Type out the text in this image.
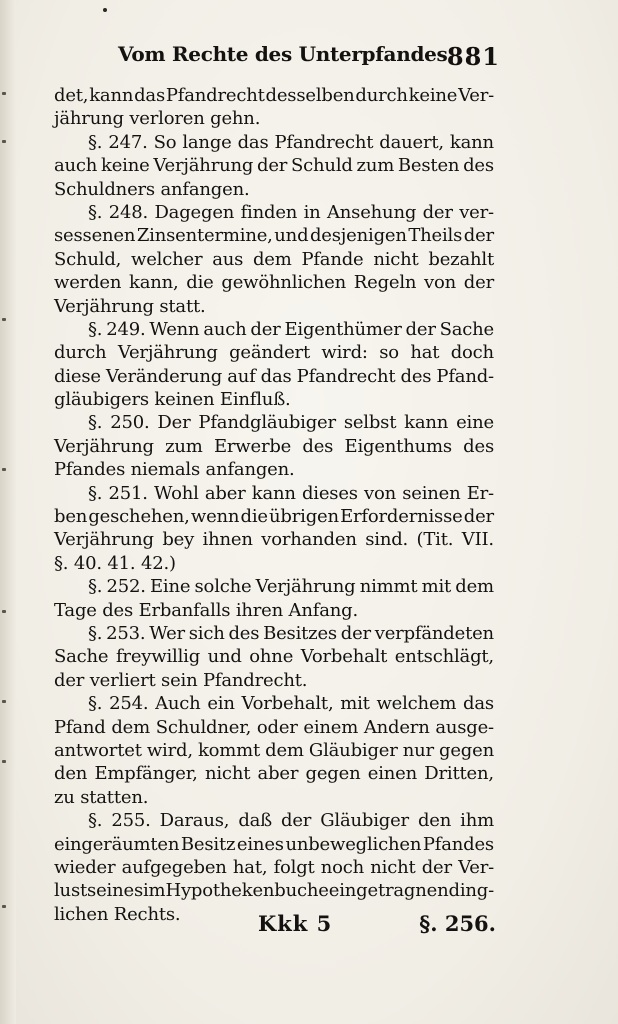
Vom Rechte des Unterpfandes.
881
det, kann das Pfandrecht desselben durch keine Ver-
jährung verloren gehn.
§. 247. So lange das Pfandrecht dauert, kann
auch keine Verjährung der Schuld zum Besten des
Schuldners anfangen.
§. 248. Dagegen finden in Ansehung der ver-
sessenen Zinsentermine, und desjenigen Theils der
Schuld, welcher aus dem Pfande nicht bezahlt
werden kann, die gewöhnlichen Regeln von der
Verjährung statt.
§. 249. Wenn auch der Eigenthümer der Sache
durch Verjährung geändert wird: so hat doch
diese Veränderung auf das Pfandrecht des Pfand-
gläubigers keinen Einfluß.
§. 250. Der Pfandgläubiger selbst kann eine
Verjährung zum Erwerbe des Eigenthums des
Pfandes niemals anfangen.
§. 251. Wohl aber kann dieses von seinen Er-
ben geschehen, wenn die übrigen Erfordernisse der
Verjährung bey ihnen vorhanden sind. (Tit. VII.
§. 40. 41. 42.)
§. 252. Eine solche Verjährung nimmt mit dem
Tage des Erbanfalls ihren Anfang.
§. 253. Wer sich des Besitzes der verpfändeten
Sache freywillig und ohne Vorbehalt entschlägt,
der verliert sein Pfandrecht.
§. 254. Auch ein Vorbehalt, mit welchem das
Pfand dem Schuldner, oder einem Andern ausge-
antwortet wird, kommt dem Gläubiger nur gegen
den Empfänger, nicht aber gegen einen Dritten,
zu statten.
§. 255. Daraus, daß der Gläubiger den ihm
eingeräumten Besitz eines unbeweglichen Pfandes
wieder aufgegeben hat, folgt noch nicht der Ver-
lust seines im Hypothekenbuche eingetragnen ding-
lichen Rechts.	Kkk 5	§. 256.
